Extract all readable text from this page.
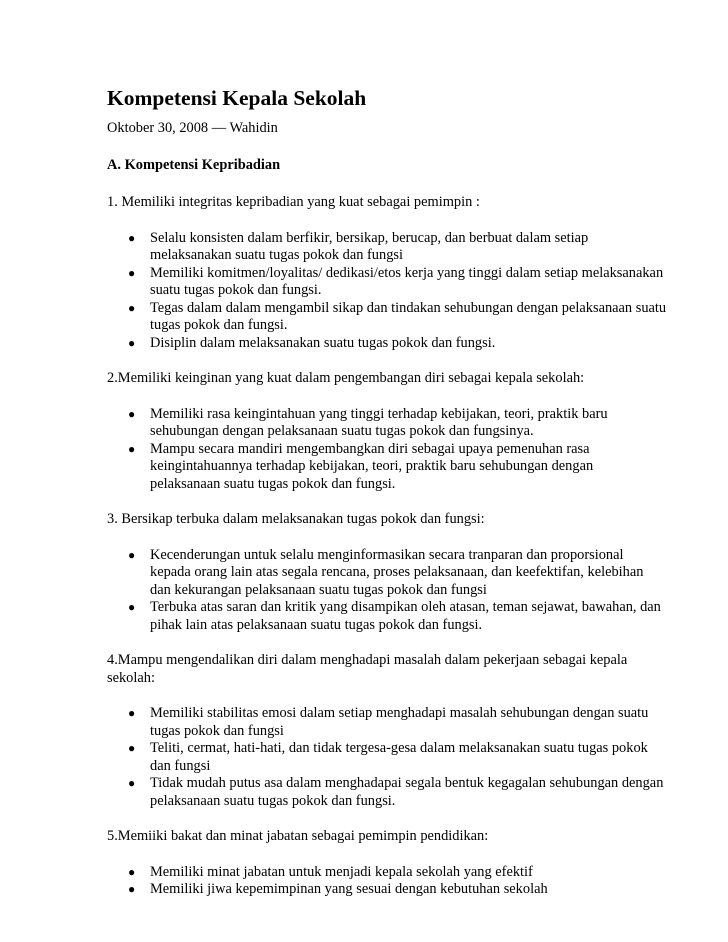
Kompetensi Kepala Sekolah

Oktober 30, 2008 — Wahidin

A. Kompetensi Kepribadian

1. Memiliki integritas kepribadian yang kuat sebagai pemimpin :

● Selalu konsisten dalam berfikir, bersikap, berucap, dan berbuat dalam setiap melaksanakan suatu tugas pokok dan fungsi
● Memiliki komitmen/loyalitas/ dedikasi/etos kerja yang tinggi dalam setiap melaksanakan suatu tugas pokok dan fungsi.
● Tegas dalam dalam mengambil sikap dan tindakan sehubungan dengan pelaksanaan suatu tugas pokok dan fungsi.
● Disiplin dalam melaksanakan suatu tugas pokok dan fungsi.

2.Memiliki keinginan yang kuat dalam pengembangan diri sebagai kepala sekolah:

● Memiliki rasa keingintahuan yang tinggi terhadap kebijakan, teori, praktik baru sehubungan dengan pelaksanaan suatu tugas pokok dan fungsinya.
● Mampu secara mandiri mengembangkan diri sebagai upaya pemenuhan rasa keingintahuannya terhadap kebijakan, teori, praktik baru sehubungan dengan pelaksanaan suatu tugas pokok dan fungsi.

3. Bersikap terbuka dalam melaksanakan tugas pokok dan fungsi:

● Kecenderungan untuk selalu menginformasikan secara tranparan dan proporsional kepada orang lain atas segala rencana, proses pelaksanaan, dan keefektifan, kelebihan dan kekurangan pelaksanaan suatu tugas pokok dan fungsi
● Terbuka atas saran dan kritik yang disampikan oleh atasan, teman sejawat, bawahan, dan pihak lain atas pelaksanaan suatu tugas pokok dan fungsi.

4.Mampu mengendalikan diri dalam menghadapi masalah dalam pekerjaan sebagai kepala sekolah:

● Memiliki stabilitas emosi dalam setiap menghadapi masalah sehubungan dengan suatu tugas pokok dan fungsi
● Teliti, cermat, hati-hati, dan tidak tergesa-gesa dalam melaksanakan suatu tugas pokok dan fungsi
● Tidak mudah putus asa dalam menghadapai segala bentuk kegagalan sehubungan dengan pelaksanaan suatu tugas pokok dan fungsi.

5.Memiiki bakat dan minat jabatan sebagai pemimpin pendidikan:

● Memiliki minat jabatan untuk menjadi kepala sekolah yang efektif
● Memiliki jiwa kepemimpinan yang sesuai dengan kebutuhan sekolah
